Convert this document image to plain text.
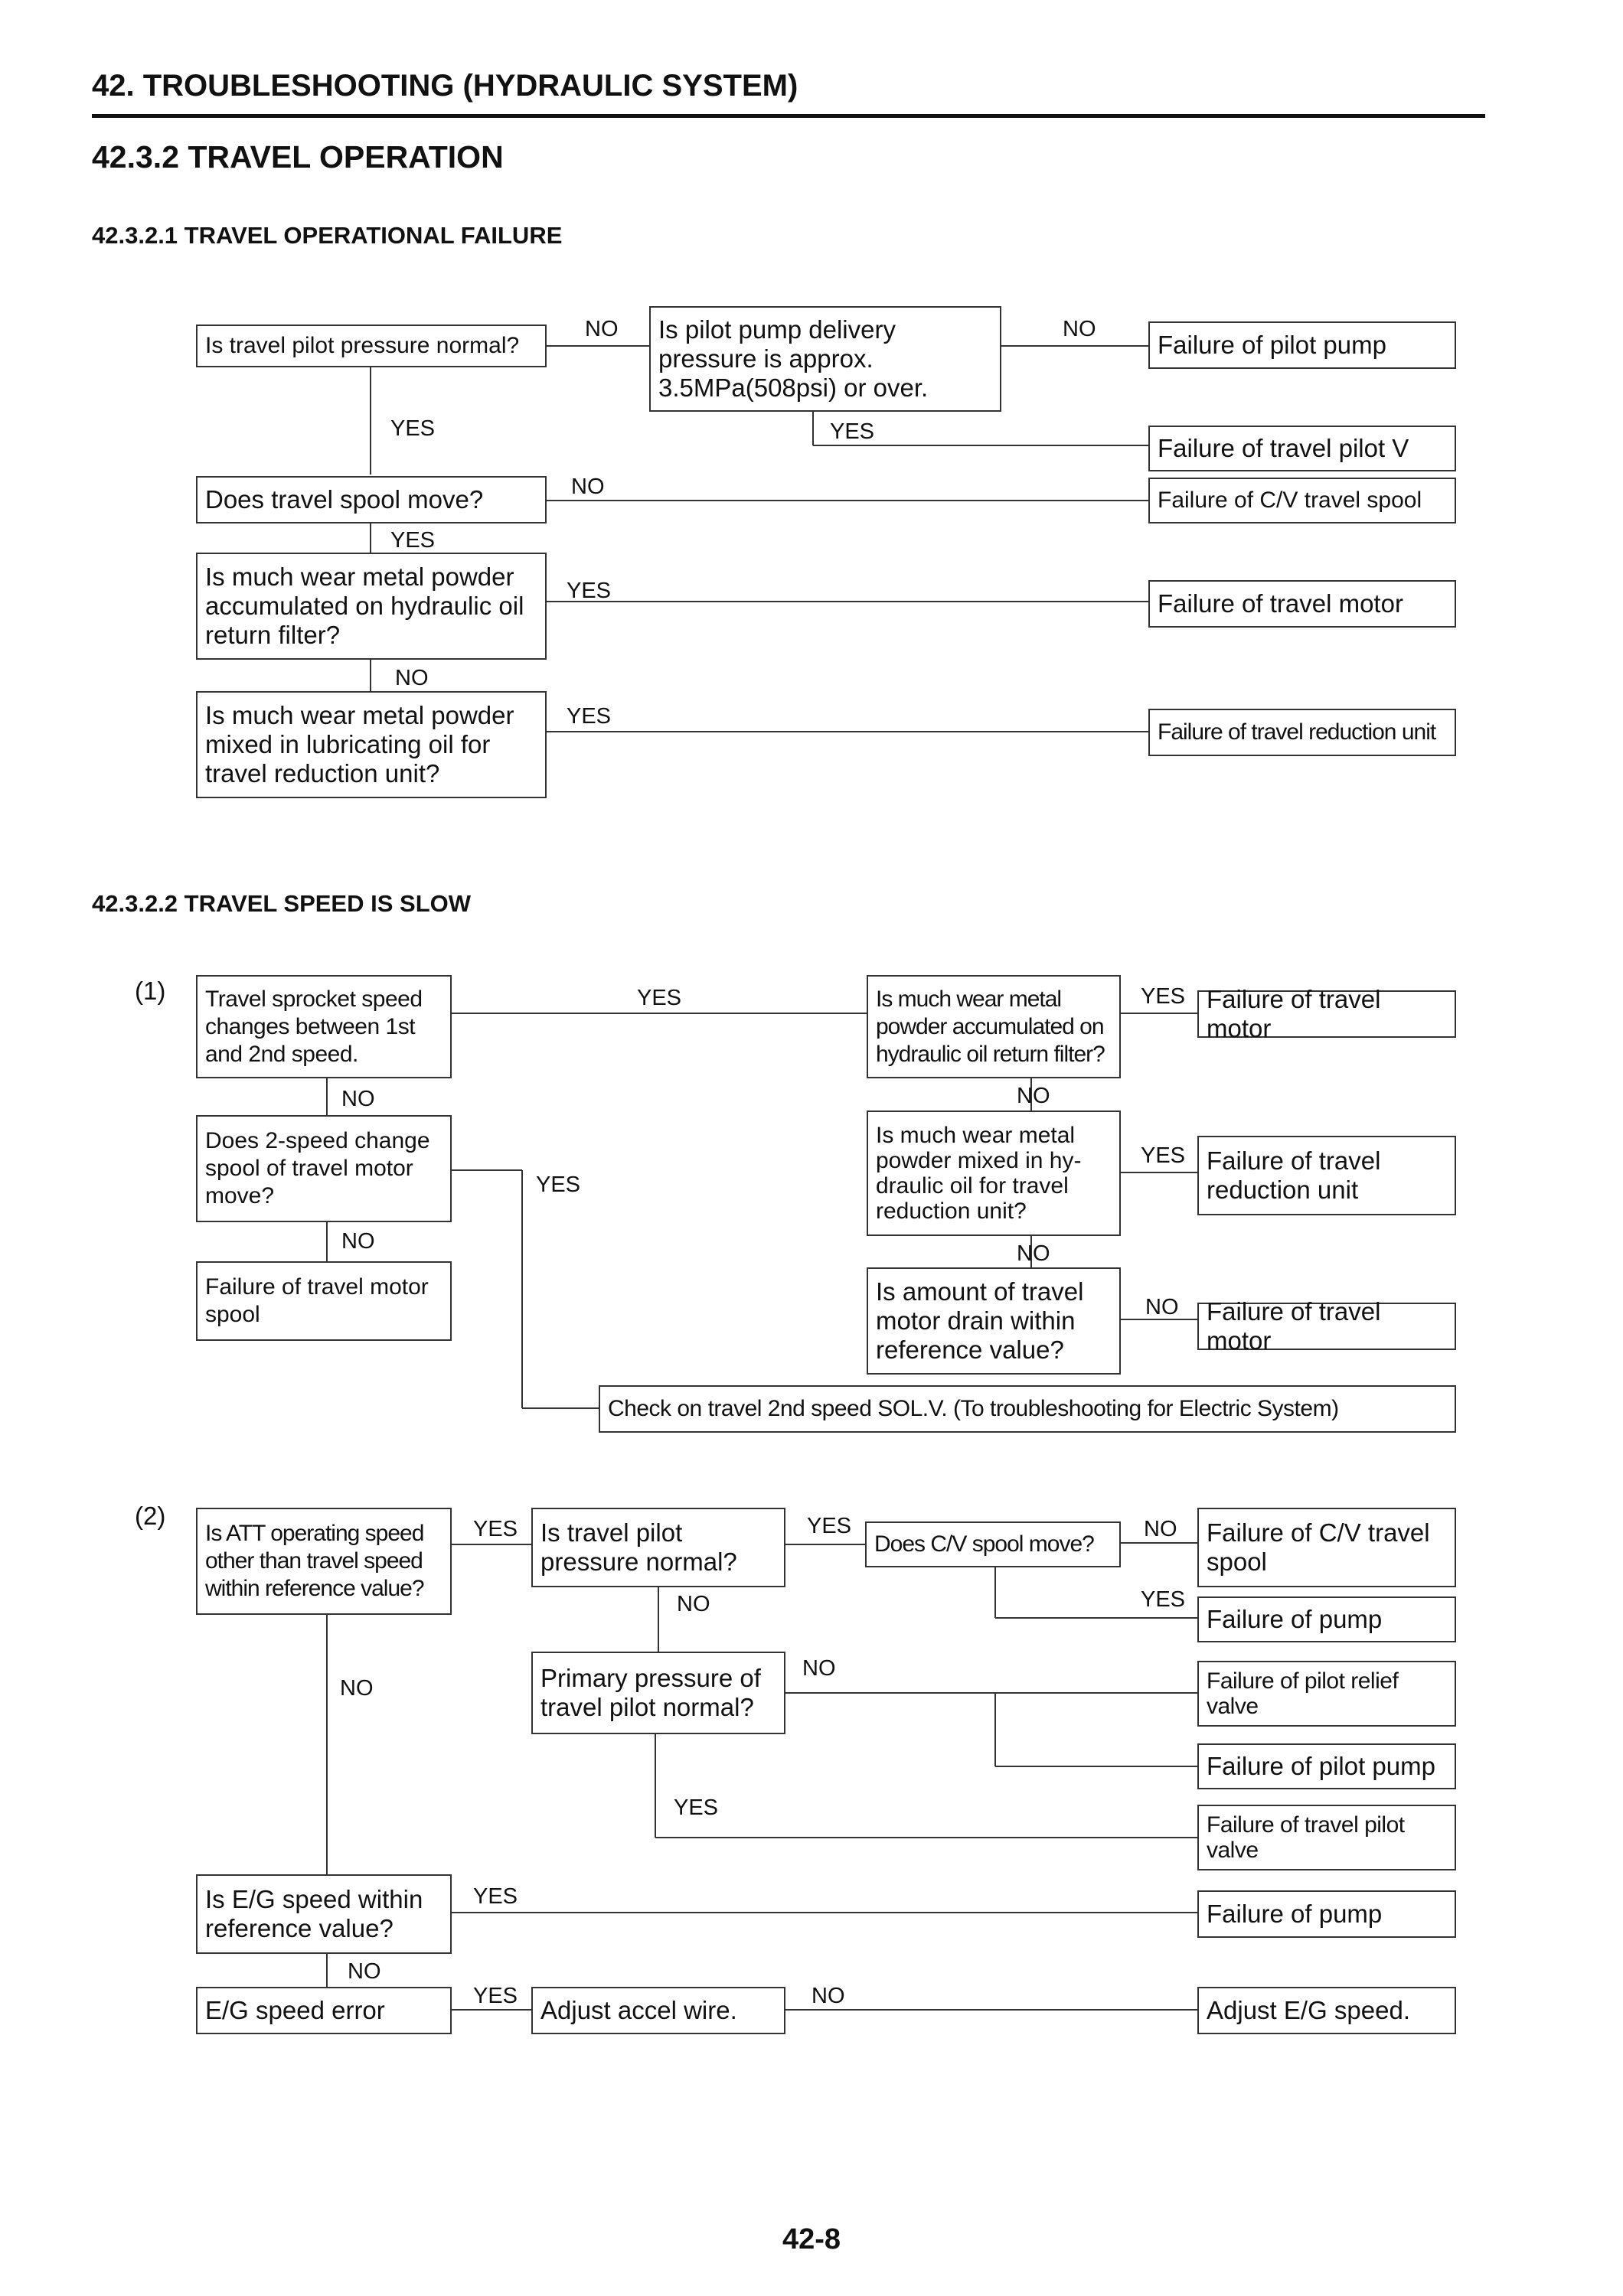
42. TROUBLESHOOTING (HYDRAULIC SYSTEM)
42.3.2 TRAVEL OPERATION
42.3.2.1 TRAVEL OPERATIONAL FAILURE
Is travel pilot pressure normal?
Is pilot pump delivery pressure is approx. 3.5MPa(508psi) or over.
Failure of pilot pump
Failure of travel pilot V
Does travel spool move?	Failure of C/V travel spool
Is much wear metal powder accumulated on hydraulic oil return filter?
Failure of travel motor
Is much wear metal powder mixed in lubricating oil for travel reduction unit?
Failure of travel reduction unit
NO	NO
YES	YES
NO
YES
YES
NO
YES
42.3.2.2 TRAVEL SPEED IS SLOW
(1) Travel sprocket speed changes between 1st and 2nd speed.
Is much wear metal powder accumulated on hydraulic oil return filter?
Failure of travel motor
Does 2-speed change spool of travel motor move?
Is much wear metal powder mixed in hy-draulic oil for travel reduction unit?
Failure of travel reduction unit
Failure of travel motor spool
Is amount of travel motor drain within reference value?
Failure of travel motor
Check on travel 2nd speed SOL.V. (To troubleshooting for Electric System)
YES	YES
NO	NO
YES
YES
NO	NO
NO
(2)
Is ATT operating speed other than travel speed within reference value?
Is travel pilot pressure normal?
Does C/V spool move?	Failure of C/V travel spool
Failure of pump
Primary pressure of travel pilot normal?
Failure of pilot relief valve
Failure of pilot pump
Failure of travel pilot valve
Is E/G speed within reference value?
Failure of pump
E/G speed error	Adjust accel wire.	Adjust E/G speed.
YES	YES	NO
YES
NO
NO
NO
YES
YES
NO
YES	NO
42-8
